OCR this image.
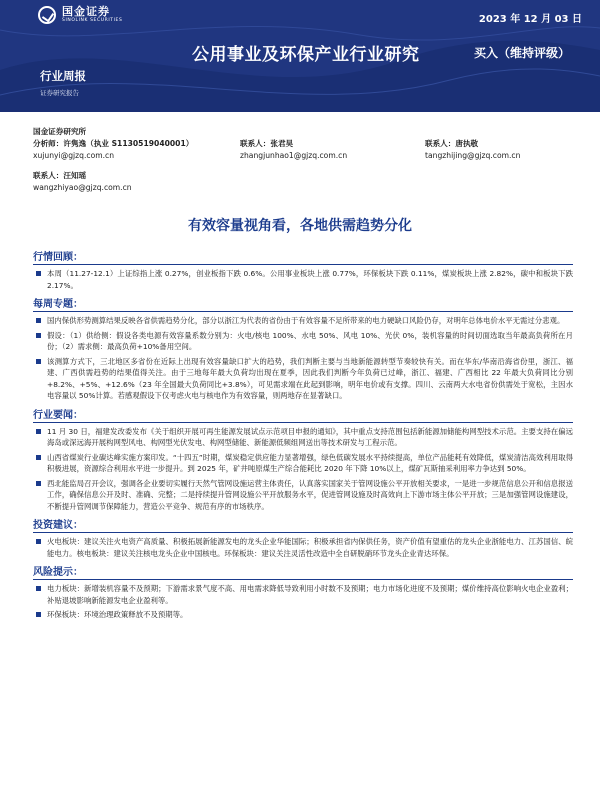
国金证券
SINOLINK SECURITIES	2023 年 12 月 03 日
公用事业及环保产业行业研究	买入（维持评级）
行业周报
证券研究报告
国金证券研究所
分析师：许隽逸（执业 S1130519040001）
xujunyi@gjzq.com.cn
联系人：张君昊
zhangjunhao1@gjzq.com.cn
联系人：唐执敬
tangzhijing@gjzq.com.cn
联系人：汪知瑶
wangzhiyao@gjzq.com.cn
有效容量视角看，各地供需趋势分化
行情回顾：
本周（11.27-12.1）上证综指上涨 0.27%，创业板指下跌 0.6%。公用事业板块上涨 0.77%，环保板块下跌 0.11%，煤炭板块上涨 2.82%，碳中和板块下跌 2.17%。
每周专题：
国内保供形势测算结果反映各省供需趋势分化，部分以浙江为代表的省份由于有效容量不足所带来的电力硬缺口风险仍存，对明年总体电价水平无需过分悲观。
假设：（1）供给侧：假设各类电源有效容量系数分别为：火电/核电 100%、水电 50%、风电 10%、光伏 0%，装机容量的时间切面选取当年最高负荷所在月份；（2）需求侧：最高负荷+10%备用空间。
该测算方式下，三北地区多省份在近际上出现有效容量缺口扩大的趋势，我们判断主要与当地新能源转型节奏较快有关。而在华东/华南沿海省份里，浙江、福建、广西供需趋势的结果值得关注。由于三地每年最大负荷均出现在夏季，因此我们判断今年负荷已过峰，浙江、福建、广西相比 22 年最大负荷同比分别+8.2%、+5%、+12.6%（23 年全国最大负荷同比+3.8%），可见需求端在此起到影响，明年电价或有支撑。四川、云南两大水电省份供需处于宽松，主因水电容量以 50%计算。若感观假设下仅考虑火电与核电作为有效容量，则两地存在显著缺口。
行业要闻：
11 月 30 日，福建发改委发布《关于组织开展可再生能源发展试点示范项目申报的通知》，其中重点支持范围包括新能源加储能构网型技术示范。主要支持在偏远海岛或深远海开展构网型风电、构网型光伏发电、构网型储能、新能源低频组网送出等技术研发与工程示范。
山西省煤炭行业碳达峰实施方案印发。“十四五”时期，煤炭稳定供应能力显著增强，绿色低碳发展水平持续提高，单位产品能耗有效降低，煤炭清洁高效利用取得积极进展，资源综合利用水平进一步提升。到 2025 年，矿井吨原煤生产综合能耗比 2020 年下降 10%以上，煤矿瓦斯抽采利用率力争达到 50%。
西北能监局召开会议，强调各企业要切实履行天然气管网设施运营主体责任，认真落实国家关于管网设施公平开放相关要求，一是进一步规范信息公开和信息报送工作，确保信息公开及时、准确、完整；二是持续提升管网设施公平开放服务水平，促进管网设施及时高效向上下游市场主体公平开放；三是加强管网设施建设，不断提升管网调节保障能力，营造公平竞争、规范有序的市场秩序。
投资建议：
火电板块：建议关注火电资产高质量、积极拓展新能源发电的龙头企业华能国际；积极承担省内保供任务，资产价值有望重估的龙头企业浙能电力、江苏国信、皖能电力。核电板块：建议关注核电龙头企业中国核电。环保板块：建议关注灵活性改造中全自研脱硝环节龙头企业青达环保。
风险提示：
电力板块：新增装机容量不及预期；下游需求景气度不高、用电需求降低导致利用小时数不及预期；电力市场化进度不及预期；煤价维持高位影响火电企业盈利；补贴退坡影响新能源发电企业盈利等。
环保板块：环境治理政策释放不及预期等。
